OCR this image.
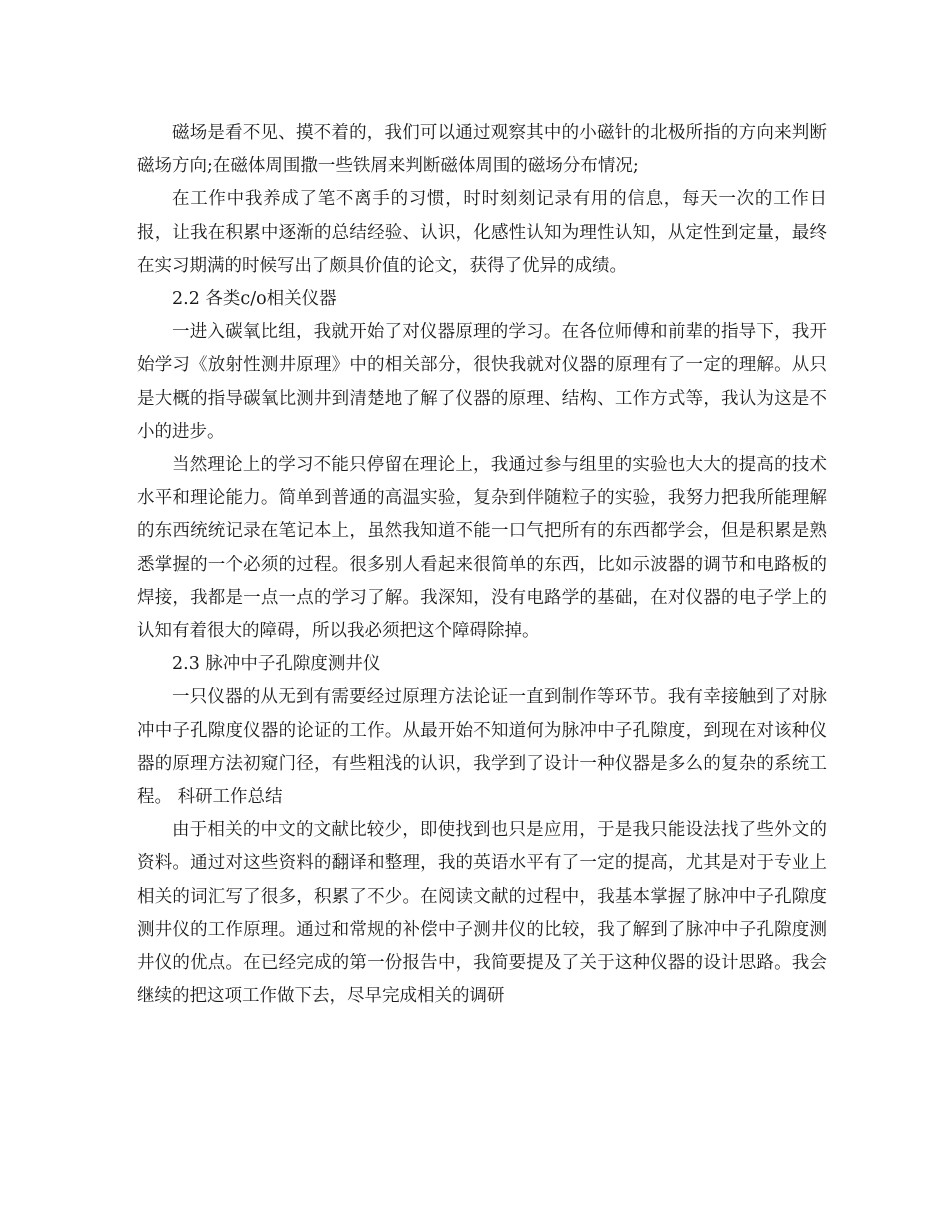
磁场是看不见、摸不着的，我们可以通过观察其中的小磁针的北极所指的方向来判断磁场方向;在磁体周围撒一些铁屑来判断磁体周围的磁场分布情况;

在工作中我养成了笔不离手的习惯，时时刻刻记录有用的信息，每天一次的工作日报，让我在积累中逐渐的总结经验、认识，化感性认知为理性认知，从定性到定量，最终在实习期满的时候写出了颇具价值的论文，获得了优异的成绩。

2.2 各类c/o相关仪器

一进入碳氧比组，我就开始了对仪器原理的学习。在各位师傅和前辈的指导下，我开始学习《放射性测井原理》中的相关部分，很快我就对仪器的原理有了一定的理解。从只是大概的指导碳氧比测井到清楚地了解了仪器的原理、结构、工作方式等，我认为这是不小的进步。

当然理论上的学习不能只停留在理论上，我通过参与组里的实验也大大的提高的技术水平和理论能力。简单到普通的高温实验，复杂到伴随粒子的实验，我努力把我所能理解的东西统统记录在笔记本上，虽然我知道不能一口气把所有的东西都学会，但是积累是熟悉掌握的一个必须的过程。很多别人看起来很简单的东西，比如示波器的调节和电路板的焊接，我都是一点一点的学习了解。我深知，没有电路学的基础，在对仪器的电子学上的认知有着很大的障碍，所以我必须把这个障碍除掉。

2.3 脉冲中子孔隙度测井仪

一只仪器的从无到有需要经过原理方法论证一直到制作等环节。我有幸接触到了对脉冲中子孔隙度仪器的论证的工作。从最开始不知道何为脉冲中子孔隙度，到现在对该种仪器的原理方法初窥门径，有些粗浅的认识，我学到了设计一种仪器是多么的复杂的系统工程。 科研工作总结

由于相关的中文的文献比较少，即使找到也只是应用，于是我只能设法找了些外文的资料。通过对这些资料的翻译和整理，我的英语水平有了一定的提高，尤其是对于专业上相关的词汇写了很多，积累了不少。在阅读文献的过程中，我基本掌握了脉冲中子孔隙度测井仪的工作原理。通过和常规的补偿中子测井仪的比较，我了解到了脉冲中子孔隙度测井仪的优点。在已经完成的第一份报告中，我简要提及了关于这种仪器的设计思路。我会继续的把这项工作做下去，尽早完成相关的调研
